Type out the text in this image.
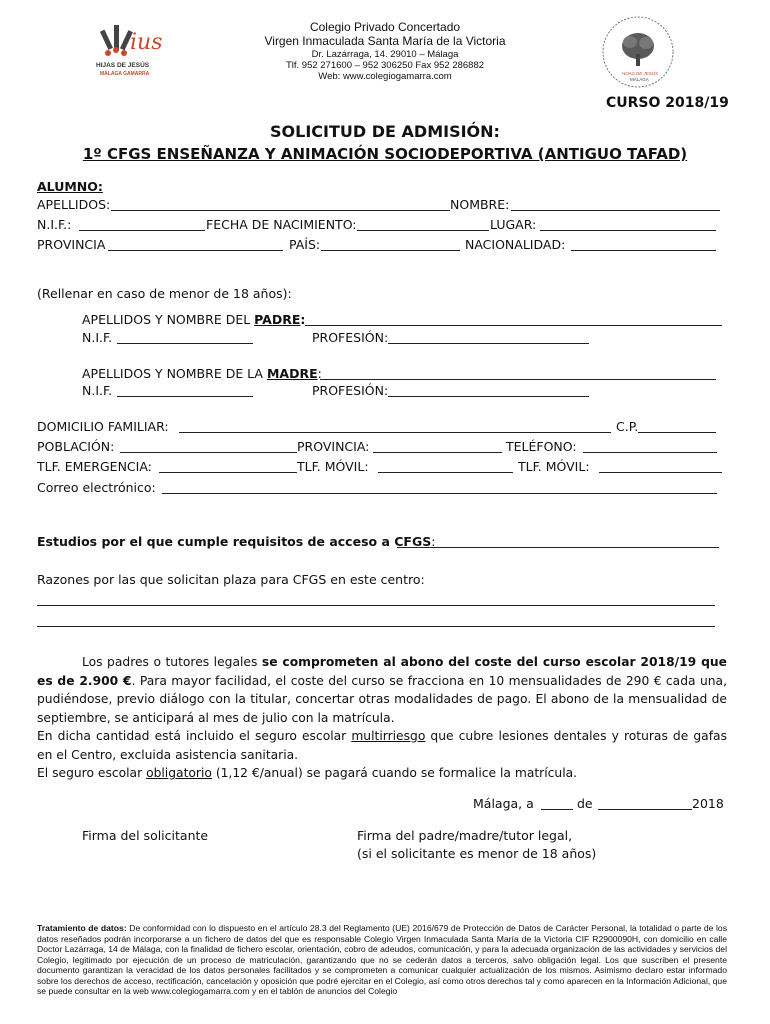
ius
HIJAS DE JESÚS
MÁLAGA GAMARRA	HIJAS DE JESÚS
MÁLAGA
Colegio Privado Concertado
Virgen Inmaculada Santa María de la Victoria
Dr. Lazárraga, 14. 29010 – Málaga
Tlf. 952 271600 – 952 306250 Fax 952 286882
Web: www.colegiogamarra.com
CURSO 2018/19
SOLICITUD DE ADMISIÓN:
1º CFGS ENSEÑANZA Y ANIMACIÓN SOCIODEPORTIVA (ANTIGUO TAFAD)
ALUMNO:
APELLIDOS:	NOMBRE:
N.I.F.:	FECHA DE NACIMIENTO:	LUGAR:
PROVINCIA	PAÍS:	NACIONALIDAD:
(Rellenar en caso de menor de 18 años):
APELLIDOS Y NOMBRE DEL PADRE:
N.I.F.	PROFESIÓN:
APELLIDOS Y NOMBRE DE LA MADRE:
N.I.F.	PROFESIÓN:
DOMICILIO FAMILIAR:	C.P.
POBLACIÓN:	PROVINCIA:	TELÉFONO:
TLF. EMERGENCIA:	TLF. MÓVIL:	TLF. MÓVIL:
Correo electrónico:
Estudios por el que cumple requisitos de acceso a CFGS:
Razones por las que solicitan plaza para CFGS en este centro:
Los padres o tutores legales se comprometen al abono del coste del curso escolar 2018/19 que es de 2.900 €. Para mayor facilidad, el coste del curso se fracciona en 10 mensualidades de 290 € cada una, pudiéndose, previo diálogo con la titular, concertar otras modalidades de pago. El abono de la mensualidad de septiembre, se anticipará al mes de julio con la matrícula.
En dicha cantidad está incluido el seguro escolar multirriesgo que cubre lesiones dentales y roturas de gafas en el Centro, excluida asistencia sanitaria.
El seguro escolar obligatorio (1,12 €/anual) se pagará cuando se formalice la matrícula.
Málaga, a	de	2018
Firma del solicitante	Firma del padre/madre/tutor legal,
(si el solicitante es menor de 18 años)
Tratamiento de datos: De conformidad con lo dispuesto en el artículo 28.3 del Reglamento (UE) 2016/679 de Protección de Datos de Carácter Personal, la totalidad o parte de los datos reseñados podrán incorporarse a un fichero de datos del que es responsable Colegio Virgen Inmaculada Santa María de la Victoria CIF R2900090H, con domicilio en calle Doctor Lazárraga, 14 de Málaga, con la finalidad de fichero escolar, orientación, cobro de adeudos, comunicación, y para la adecuada organización de las actividades y servicios del Colegio, legitimado por ejecución de un proceso de matriculación, garantizando que no se cederán datos a terceros, salvo obligación legal. Los que suscriben el presente documento garantizan la veracidad de los datos personales facilitados y se comprometen a comunicar cualquier actualización de los mismos. Asimismo declaro estar informado sobre los derechos de acceso, rectificación, cancelación y oposición que podré ejercitar en el Colegio, así como otros derechos tal y como aparecen en la Información Adicional, que se puede consultar en la web www.colegiogamarra.com y en el tablón de anuncios del Colegio
